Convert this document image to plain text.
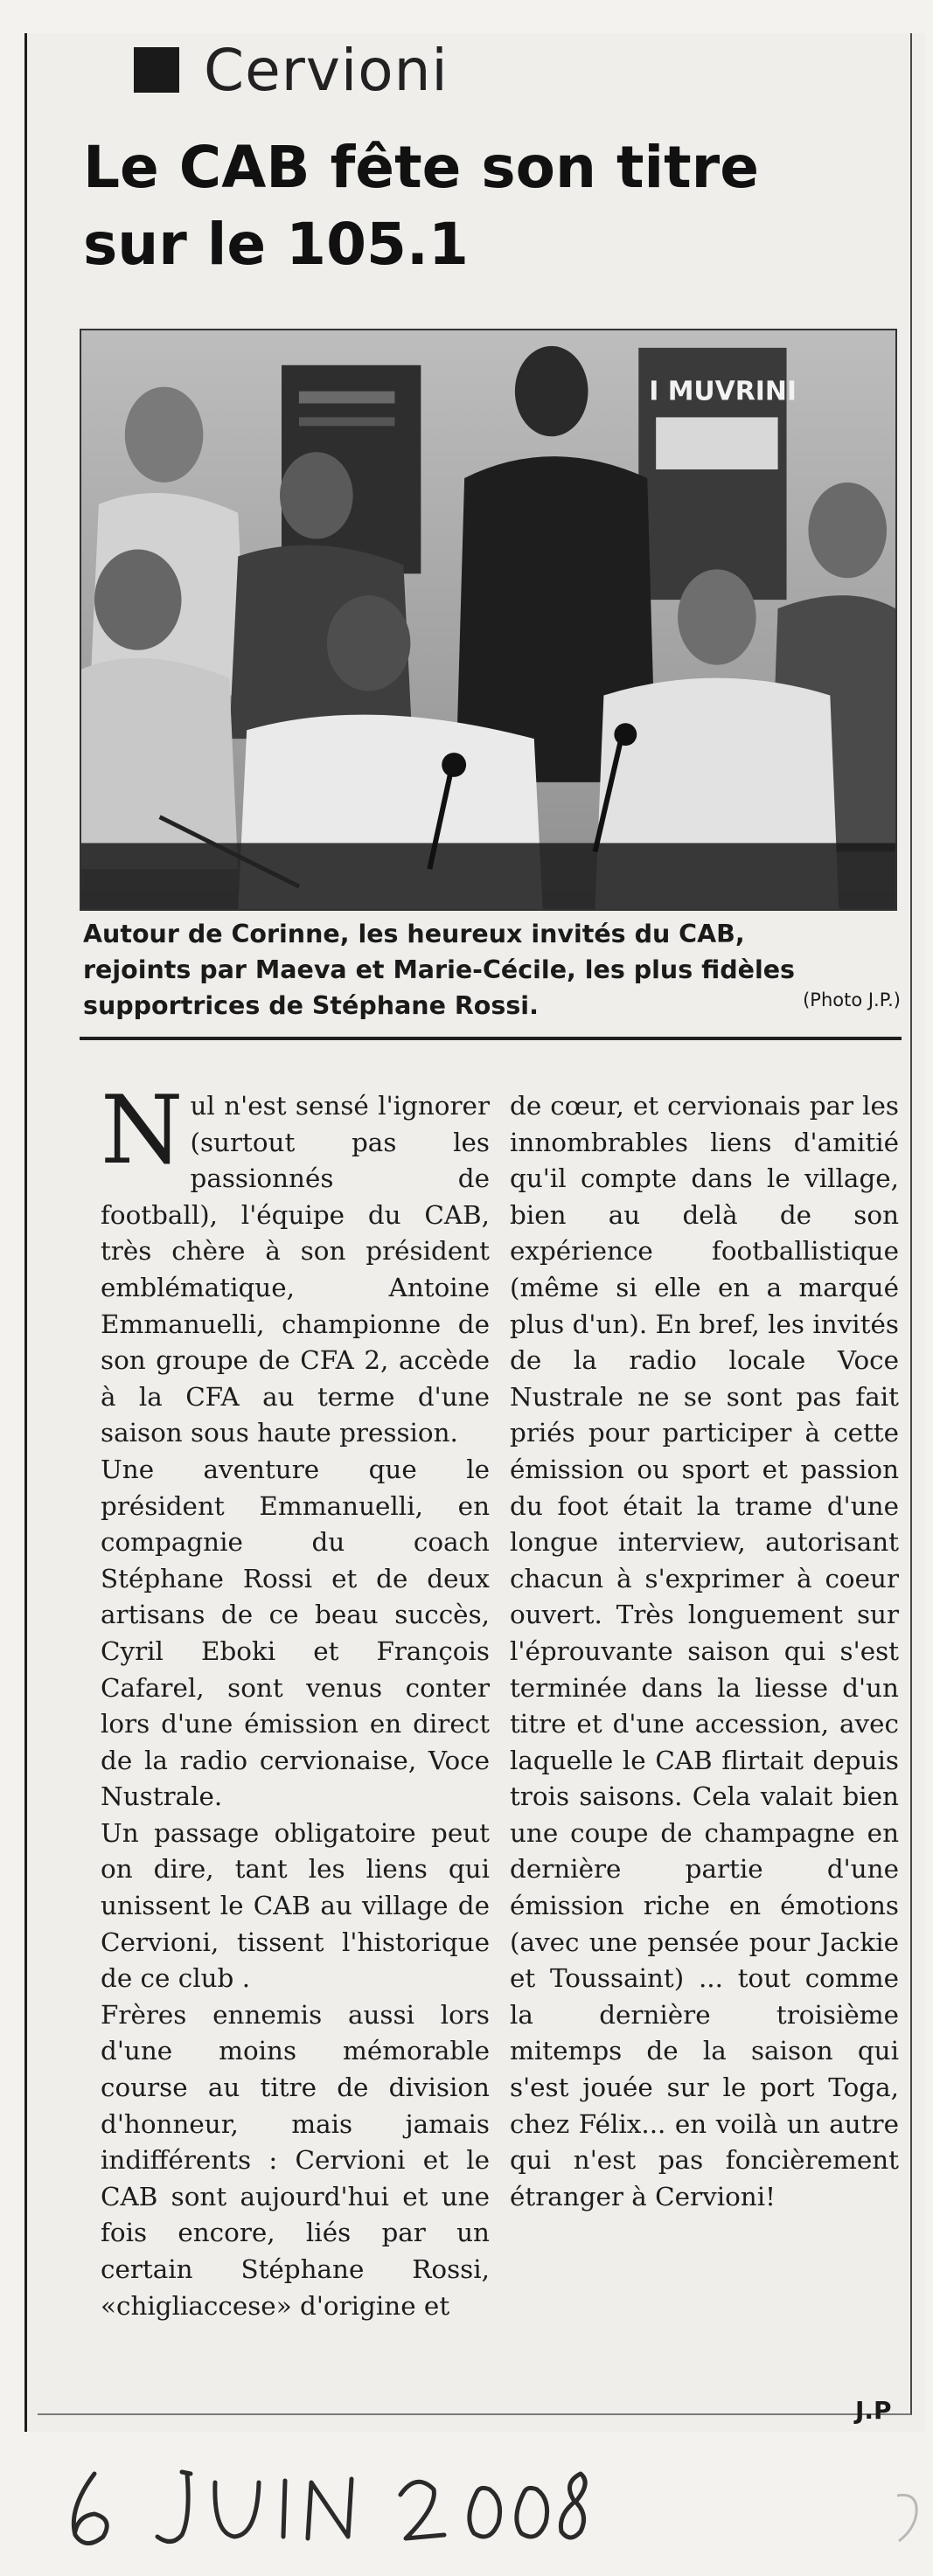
Cervioni
Le CAB fête son titre
sur le 105.1
I MUVRINI
Autour de Corinne, les heureux invités du CAB,
rejoints par Maeva et Marie-Cécile, les plus fidèles
supportrices de Stéphane Rossi.	(Photo J.P.)

Nul n'est sensé l'ignorer (surtout pas les passionnés de football), l'équipe du CAB, très chère à son président emblématique, Antoine Emmanuelli, championne de son groupe de CFA 2, accède à la CFA au terme d'une saison sous haute pression.

Une aventure que le président Emmanuelli, en compagnie du coach Stéphane Rossi et de deux artisans de ce beau succès, Cyril Eboki et François Cafarel, sont venus conter lors d'une émission en direct de la radio cervionaise, Voce Nustrale.

Un passage obligatoire peut on dire, tant les liens qui unissent le CAB au village de Cervioni, tissent l'historique de ce club .

Frères ennemis aussi lors d'une moins mémorable course au titre de division d'honneur, mais jamais indifférents : Cervioni et le CAB sont aujourd'hui et une fois encore, liés par un certain Stéphane Rossi, «chigliaccese» d'origine et

de cœur, et cervionais par les innombrables liens d'amitié qu'il compte dans le village, bien au delà de son expérience footballistique (même si elle en a marqué plus d'un). En bref, les invités de la radio locale Voce Nustrale ne se sont pas fait priés pour participer à cette émission ou sport et passion du foot était la trame d'une longue interview, autorisant chacun à s'exprimer à coeur ouvert. Très longuement sur l'éprouvante saison qui s'est terminée dans la liesse d'un titre et d'une accession, avec laquelle le CAB flirtait depuis trois saisons. Cela valait bien une coupe de champagne en dernière partie d'une émission riche en émotions (avec une pensée pour Jackie et Toussaint) ... tout comme la dernière troisième mitemps de la saison qui s'est jouée sur le port Toga, chez Félix... en voilà un autre qui n'est pas foncièrement étranger à Cervioni!

J.P
